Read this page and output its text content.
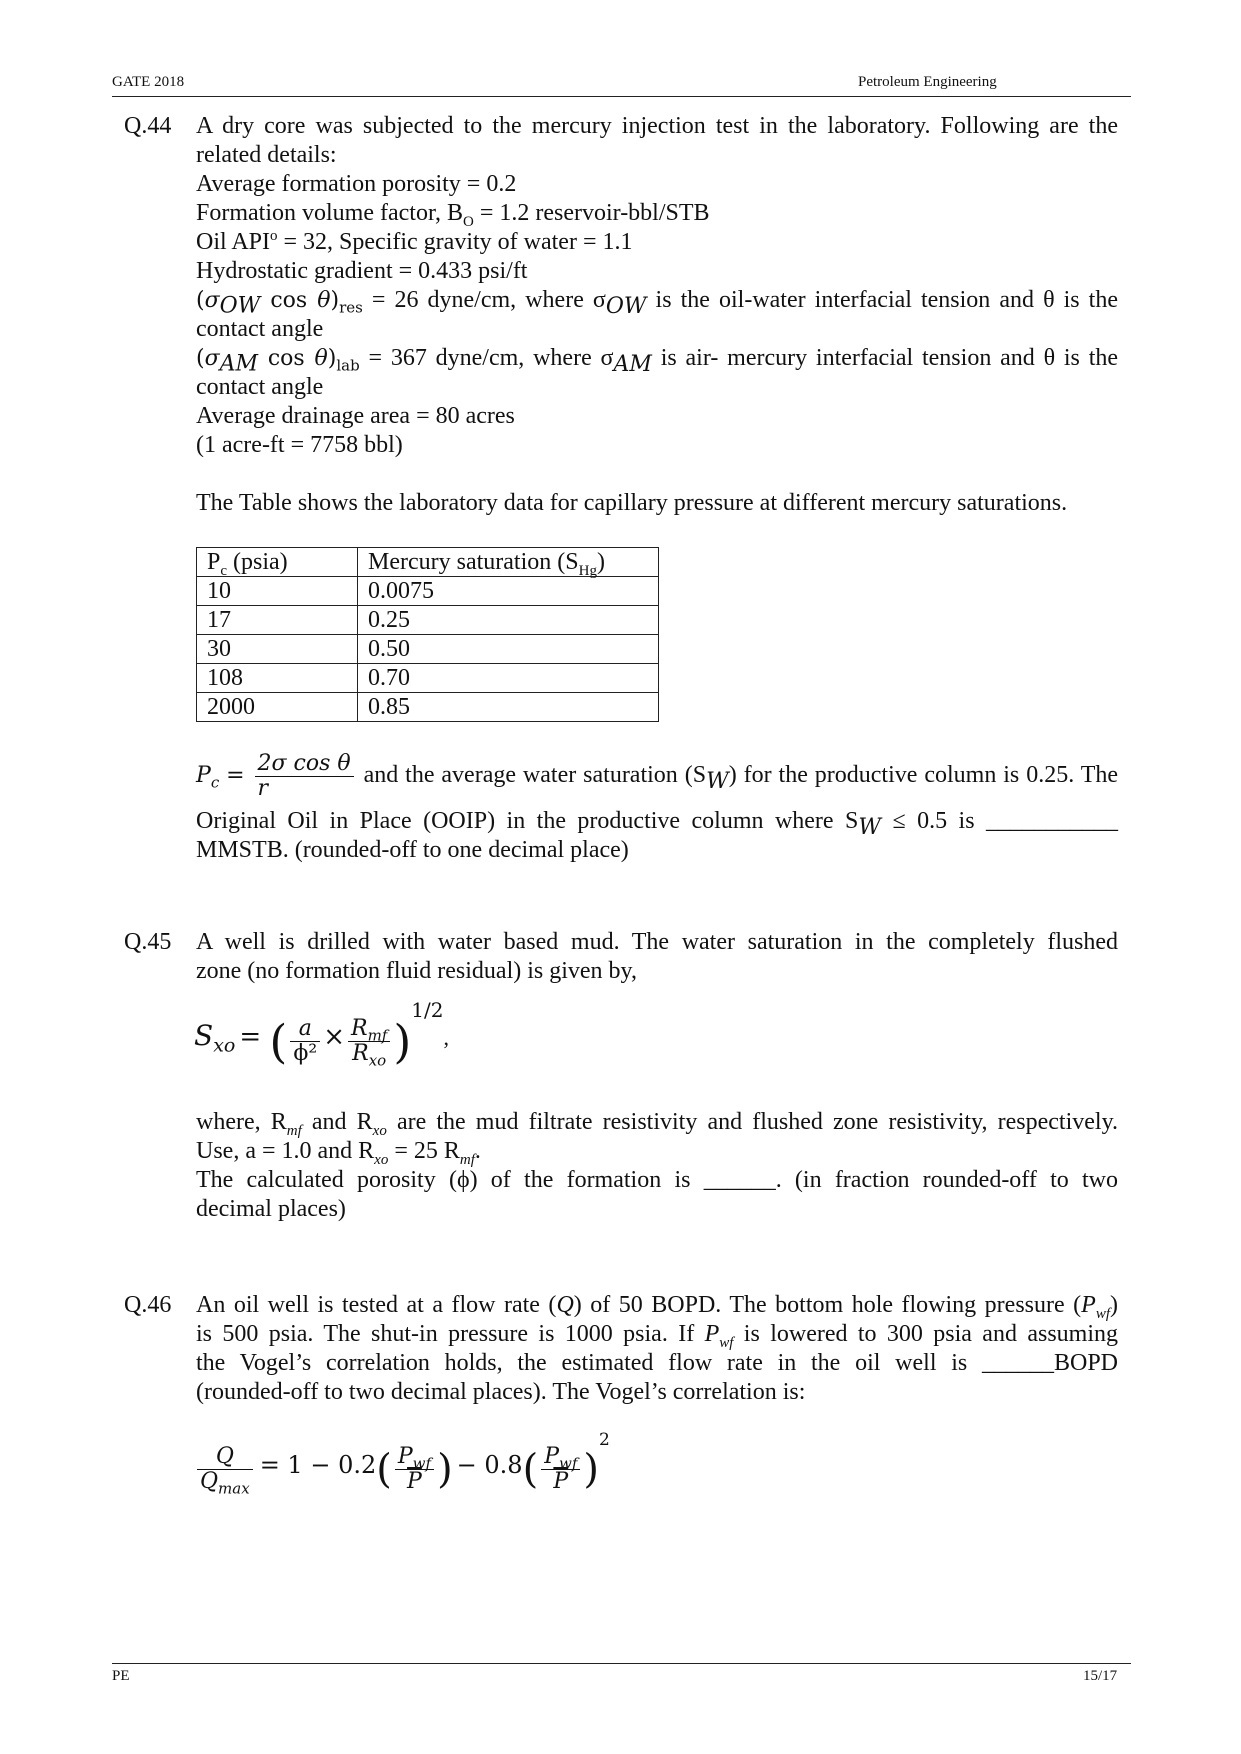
GATE 2018	Petroleum Engineering
Q.44 A dry core was subjected to the mercury injection test in the laboratory. Following are the
related details:
Average formation porosity = 0.2
Formation volume factor, $B_O = 1.2$ reservoir-bbl/STB
Oil $API^o = 32$, Specific gravity of water = 1.1
Hydrostatic gradient = 0.433 psi/ft
($\sigma_{OW}$ $\cos \theta)_{res} = 26$ dyne/cm, where $\sigma_{OW}$ is the oil-water interfacial tension and θ is the
contact angle
($\sigma_{AM}$ $\cos \theta)_{lab} = 367$ dyne/cm, where $\sigma_{AM}$ is air- mercury interfacial tension and θ is the
contact angle
Average drainage area = 80 acres
(1 acre-ft = 7758 bbl)
The Table shows the laboratory data for capillary pressure at different mercury saturations.
$P_c$ (psia)	Mercury saturation $(S_{Hg})$
10	0.0075
17	0.25
30	0.50
108	0.70
2000	0.85
$P_c = \frac{\text{2σ cos θ}}{r}$ and the average water saturation $(S_W)$ for the productive column is 0.25. The
Original Oil in Place (OOIP) in the productive column where $S_W \le 0.5$ is ___________
MMSTB. (rounded-off to one decimal place)
Q.45 A well is drilled with water based mud. The water saturation in the completely flushed
zone (no formation fluid residual) is given by,
$S_{xo}$ = ( $\frac{a}{\text{ϕ²}} \times \frac{R_{mf}}{R_{xo}} )^{1/2}$,
where, $R_{mf}$ and $R_{xo}$ are the mud filtrate resistivity and flushed zone resistivity, respectively.
Use, a = 1.0 and $R_{xo} = 25$ $R_{mf}$.
The calculated porosity (ϕ) of the formation is ______. (in fraction rounded-off to two
decimal places)
Q.46 An oil well is tested at a flow rate (Q) of 50 BOPD. The bottom hole flowing pressure $(P_{wf})$
is 500 psia. The shut-in pressure is 1000 psia. If $P_{wf}$ is lowered to 300 psia and assuming
the Vogel’s correlation holds, the estimated flow rate in the oil well is ______BOPD
(rounded-off to two decimal places). The Vogel’s correlation is:
$\frac{Q}{Q_{max}} = 1 - 0.2( \frac{P_{wf}}{P}$ ) − $0.8( \frac{P_{wf}}{P} )^2$
PE	15/17
